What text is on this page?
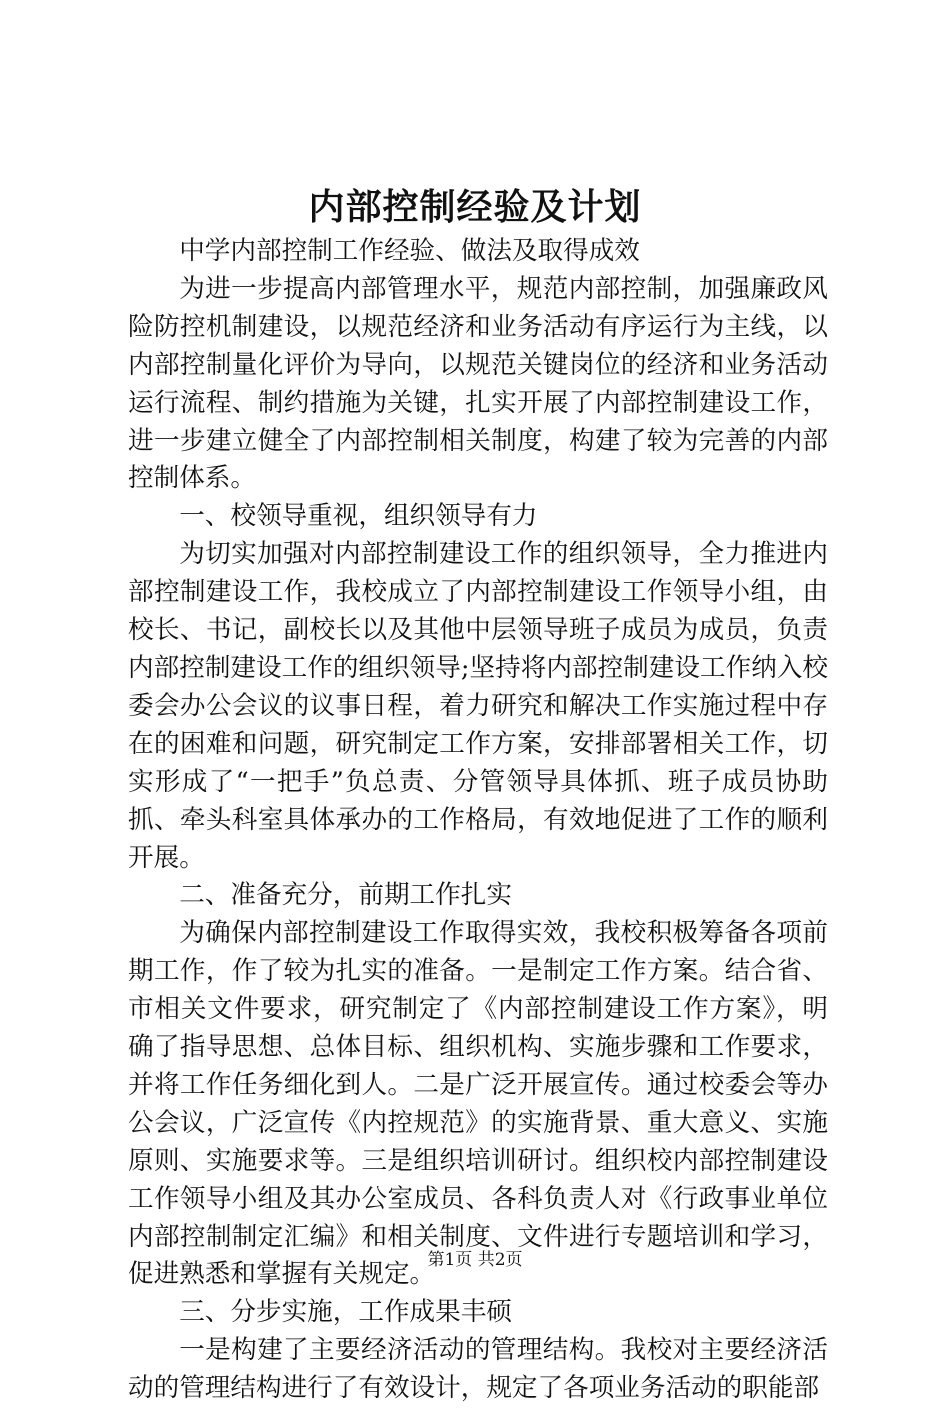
内部控制经验及计划

中学内部控制工作经验、做法及取得成效

为进一步提高内部管理水平，规范内部控制，加强廉政风险防控机制建设，以规范经济和业务活动有序运行为主线，以内部控制量化评价为导向，以规范关键岗位的经济和业务活动运行流程、制约措施为关键，扎实开展了内部控制建设工作，进一步建立健全了内部控制相关制度，构建了较为完善的内部控制体系。

一、校领导重视，组织领导有力

为切实加强对内部控制建设工作的组织领导，全力推进内部控制建设工作，我校成立了内部控制建设工作领导小组，由校长、书记，副校长以及其他中层领导班子成员为成员，负责内部控制建设工作的组织领导;坚持将内部控制建设工作纳入校委会办公会议的议事日程，着力研究和解决工作实施过程中存在的困难和问题，研究制定工作方案，安排部署相关工作，切实形成了“一把手”负总责、分管领导具体抓、班子成员协助抓、牵头科室具体承办的工作格局，有效地促进了工作的顺利开展。

二、准备充分，前期工作扎实

为确保内部控制建设工作取得实效，我校积极筹备各项前期工作，作了较为扎实的准备。一是制定工作方案。结合省、市相关文件要求，研究制定了《内部控制建设工作方案》，明确了指导思想、总体目标、组织机构、实施步骤和工作要求，并将工作任务细化到人。二是广泛开展宣传。通过校委会等办公会议，广泛宣传《内控规范》的实施背景、重大意义、实施原则、实施要求等。三是组织培训研讨。组织校内部控制建设工作领导小组及其办公室成员、各科负责人对《行政事业单位内部控制制定汇编》和相关制度、文件进行专题培训和学习，促进熟悉和掌握有关规定。

三、分步实施，工作成果丰硕

一是构建了主要经济活动的管理结构。我校对主要经济活动的管理结构进行了有效设计，规定了各项业务活动的职能部

第1页 共2页
